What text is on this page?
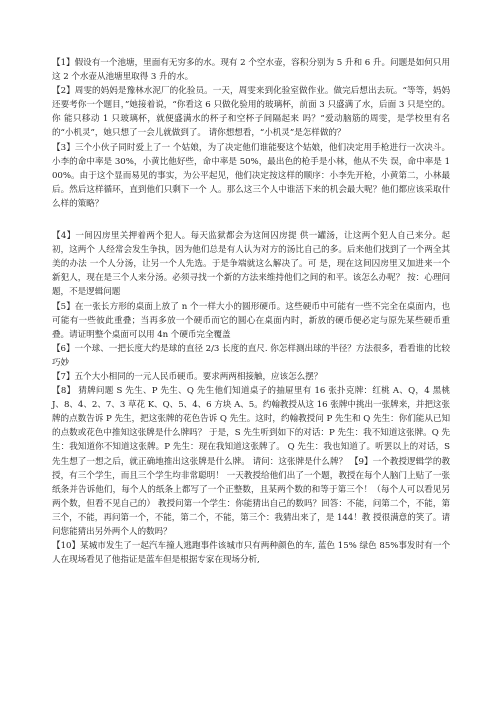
【1】假设有一个池塘，里面有无穷多的水。现有 2 个空水壶，容积分别为 5 升和 6 升。问题是如何只用这 2 个水壶从池塘里取得 3 升的水。

【2】周雯的妈妈是豫林水泥厂的化验员。一天，周雯来到化验室做作业。做完后想出去玩。“等等，妈妈还要考你一个题目，”她接着说，“你看这 6 只做化验用的玻璃杯，前面 3 只盛满了水，后面 3 只是空的。你 能只移动 1 只玻璃杯，就便盛满水的杯子和空杯子间隔起来 吗？”爱动脑筋的周雯，是学校里有名的“小机灵”，她只想了一会儿就做到了。 请你想想看，“小机灵”是怎样做的？

【3】三个小伙子同时爱上了一 个姑娘，为了决定他们谁能娶这个姑娘，他们决定用手枪进行一次决斗。小李的命中率是 30%，小黄比他好些，命中率是 50%，最出色的枪手是小林，他从不失 误，命中率是 100%。由于这个显而易见的事实，为公平起见，他们决定按这样的顺序：小李先开枪，小黄第二，小林最后。然后这样循环，直到他们只剩下一个 人。那么这三个人中谁活下来的机会最大呢？他们都应该采取什么样的策略？

【4】一间囚房里关押着两个犯人。每天监狱都会为这间囚房提 供一罐汤，让这两个犯人自己来分。起初，这两个 人经常会发生争执，因为他们总是有人认为对方的汤比自己的多。后来他们找到了一个两全其美的办法 一个人分汤，让另一个人先选。于是争端就这么解决了。可 是，现在这间囚房里又加进来一个新犯人，现在是三个人来分汤。必须寻找一个新的方法来维持他们之间的和平。该怎么办呢？ 按：心理问题，不是逻辑问题

【5】在一张长方形的桌面上放了 n 个一样大小的圆形硬币。这些硬币中可能有一些不完全在桌面内，也可能有一些彼此重叠；当再多放一个硬币而它的圆心在桌面内时，新放的硬币便必定与原先某些硬币重叠。请证明整个桌面可以用 4n 个硬币完全覆盖

【6】一个球、一把长度大约是球的直径 2/3 长度的直尺. 你怎样测出球的半径？方法很多，看看谁的比较巧妙

【7】五个大小相同的一元人民币硬币。要求两两相接触，应该怎么摆？

【8】 猜牌问题 S 先生、P 先生、Q 先生他们知道桌子的抽屉里有 16 张扑克牌：红桃 A、Q，4 黑桃 J、8、4、2、7、3 草花 K、Q、5、4、6 方块 A、5。约翰教授从这 16 张牌中挑出一张牌来，并把这张牌的点数告诉 P 先生，把这张牌的花色告诉 Q 先生。这时，约翰教授问 P 先生和 Q 先生：你们能从已知的点数或花色中推知这张牌是什么牌吗？ 于是，S 先生听到如下的对话：P 先生：我不知道这张牌。Q 先生：我知道你不知道这张牌。P 先生：现在我知道这张牌了。 Q 先生：我也知道了。听罢以上的对话，S 先生想了一想之后，就正确地推出这张牌是什么牌。 请问：这张牌是什么牌？ 【9】一个教授逻辑学的教授，有三个学生，而且三个学生均非常聪明！ 一天教授给他们出了一个题，教授在每个人脑门上贴了一张纸条并告诉他们，每个人的纸条上都写了一个正整数，且某两个数的和等于第三个！（每个人可以看见另 两个数，但看不见自己的） 教授问第一个学生：你能猜出自己的数吗？回答：不能，问第二个，不能，第三个，不能，再问第一个，不能，第二个，不能，第三个：我猜出来了，是 144！教 授很满意的笑了。请问您能猜出另外两个人的数吗？

【10】某城市发生了一起汽车撞人逃跑事件该城市只有两种颜色的车, 蓝色 15% 绿色 85%事发时有一个人在现场看见了他指证是蓝车但是根据专家在现场分析,
